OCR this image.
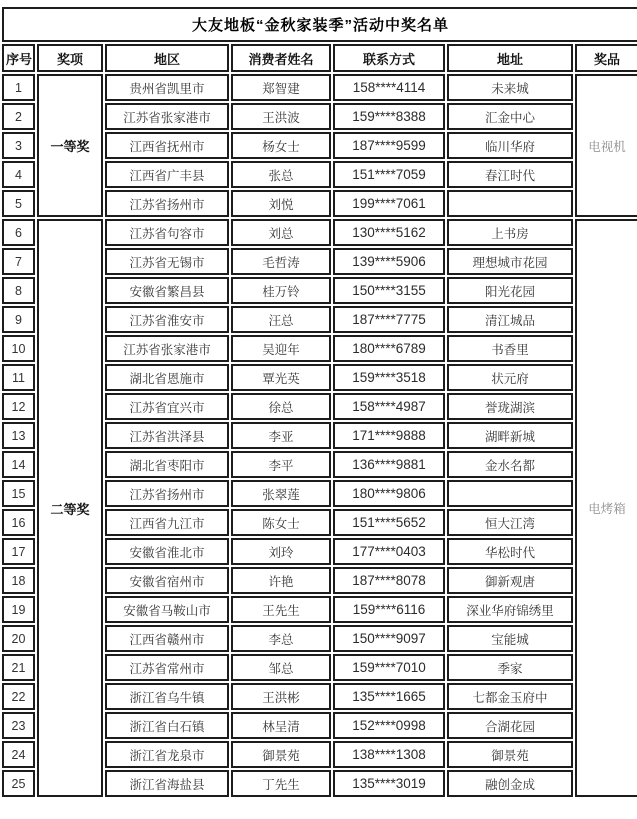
大友地板“金秋家装季”活动中奖名单						
序号	奖项	地区	消费者姓名	联系方式	地址	奖品
1	一等奖	贵州省凯里市	郑智建	158****4114	未来城	电视机
2		江苏省张家港市	王洪波	159****8388	汇金中心	
3		江西省抚州市	杨女士	187****9599	临川华府	
4		江西省广丰县	张总	151****7059	春江时代	
5		江苏省扬州市	刘悦	199****7061		
6	二等奖	江苏省句容市	刘总	130****5162	上书房	电烤箱
7		江苏省无锡市	毛哲涛	139****5906	理想城市花园	
8		安徽省繁昌县	桂万铃	150****3155	阳光花园	
9		江苏省淮安市	汪总	187****7775	清江城品	
10		江苏省张家港市	吴迎年	180****6789	书香里	
11		湖北省恩施市	覃光英	159****3518	状元府	
12		江苏省宜兴市	徐总	158****4987	誉珑湖滨	
13		江苏省洪泽县	李亚	171****9888	湖畔新城	
14		湖北省枣阳市	李平	136****9881	金水名都	
15		江苏省扬州市	张翠莲	180****9806		
16		江西省九江市	陈女士	151****5652	恒大江湾	
17		安徽省淮北市	刘玲	177****0403	华松时代	
18		安徽省宿州市	许艳	187****8078	御新观唐	
19		安徽省马鞍山市	王先生	159****6116	深业华府锦绣里	
20		江西省赣州市	李总	150****9097	宝能城	
21		江苏省常州市	邹总	159****7010	季家	
22		浙江省乌牛镇	王洪彬	135****1665	七都金玉府中	
23		浙江省白石镇	林呈清	152****0998	合湖花园	
24		浙江省龙泉市	御景苑	138****1308	御景苑	
25		浙江省海盐县	丁先生	135****3019	融创金成	
